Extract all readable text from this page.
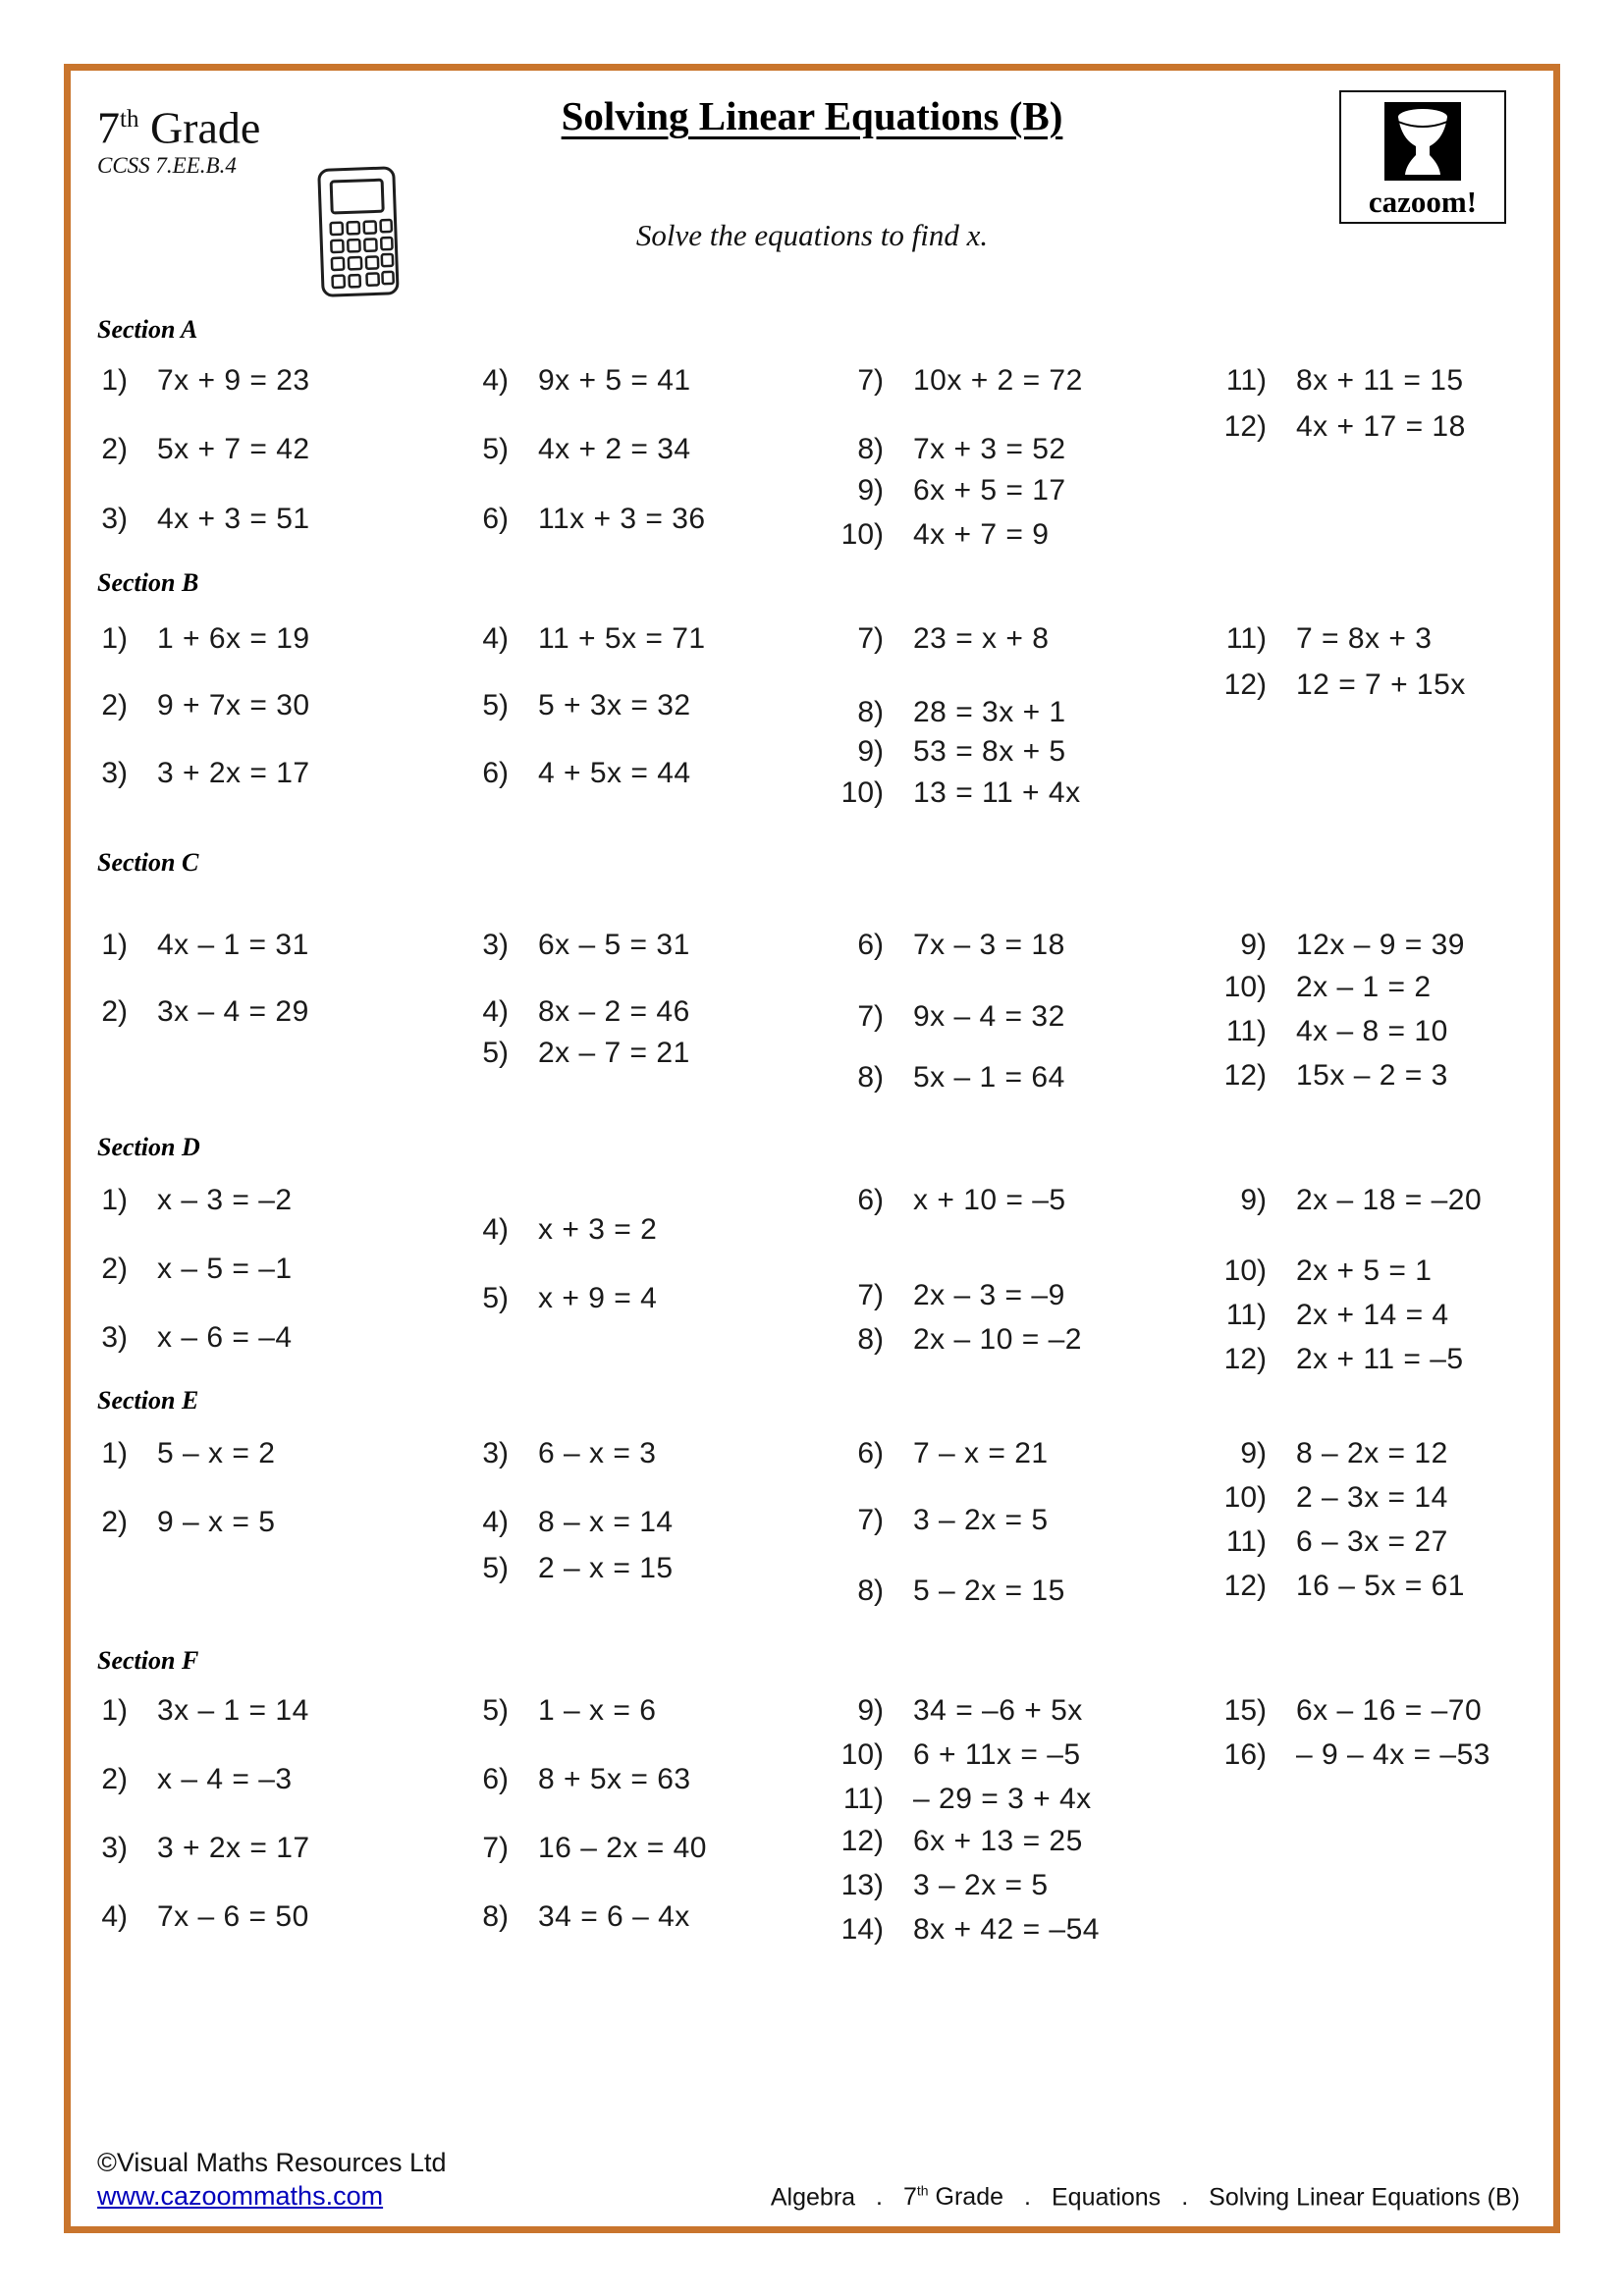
7th Grade
CCSS 7.EE.B.4
Solving Linear Equations (B)
Solve the equations to find x.
cazoom!
Section A
1) 7x + 9 = 23
2) 5x + 7 = 42
3) 4x + 3 = 51
4) 9x + 5 = 41
5) 4x + 2 = 34
6) 11x + 3 = 36
7) 10x + 2 = 72
8) 7x + 3 = 52
9) 6x + 5 = 17
10) 4x + 7 = 9
11) 8x + 11 = 15
12) 4x + 17 = 18
Section B
1) 1 + 6x = 19
2) 9 + 7x = 30
3) 3 + 2x = 17
4) 11 + 5x = 71
5) 5 + 3x = 32
6) 4 + 5x = 44
7) 23 = x + 8
8) 28 = 3x + 1
9) 53 = 8x + 5
10) 13 = 11 + 4x
11) 7 = 8x + 3
12) 12 = 7 + 15x
Section C
1) 4x – 1 = 31
2) 3x – 4 = 29
3) 6x – 5 = 31
4) 8x – 2 = 46
5) 2x – 7 = 21
6) 7x – 3 = 18
7) 9x – 4 = 32
8) 5x – 1 = 64
9) 12x – 9 = 39
10) 2x – 1 = 2
11) 4x – 8 = 10
12) 15x – 2 = 3
Section D
1) x – 3 = –2
2) x – 5 = –1
3) x – 6 = –4
4) x + 3 = 2
5) x + 9 = 4
6) x + 10 = –5
7) 2x – 3 = –9
8) 2x – 10 = –2
9) 2x – 18 = –20
10) 2x + 5 = 1
11) 2x + 14 = 4
12) 2x + 11 = –5
Section E
1) 5 – x = 2
2) 9 – x = 5
3) 6 – x = 3
4) 8 – x = 14
5) 2 – x = 15
6) 7 – x = 21
7) 3 – 2x = 5
8) 5 – 2x = 15
9) 8 – 2x = 12
10) 2 – 3x = 14
11) 6 – 3x = 27
12) 16 – 5x = 61
Section F
1) 3x – 1 = 14
2) x – 4 = –3
3) 3 + 2x = 17
4) 7x – 6 = 50
5) 1 – x = 6
6) 8 + 5x = 63
7) 16 – 2x = 40
8) 34 = 6 – 4x
9) 34 = –6 + 5x
10) 6 + 11x = –5
11) – 29 = 3 + 4x
12) 6x + 13 = 25
13) 3 – 2x = 5
14) 8x + 42 = –54
15) 6x – 16 = –70
16) – 9 – 4x = –53
©Visual Maths Resources Ltd
www.cazoommaths.com	Algebra . 7th Grade . Equations . Solving Linear Equations (B)
